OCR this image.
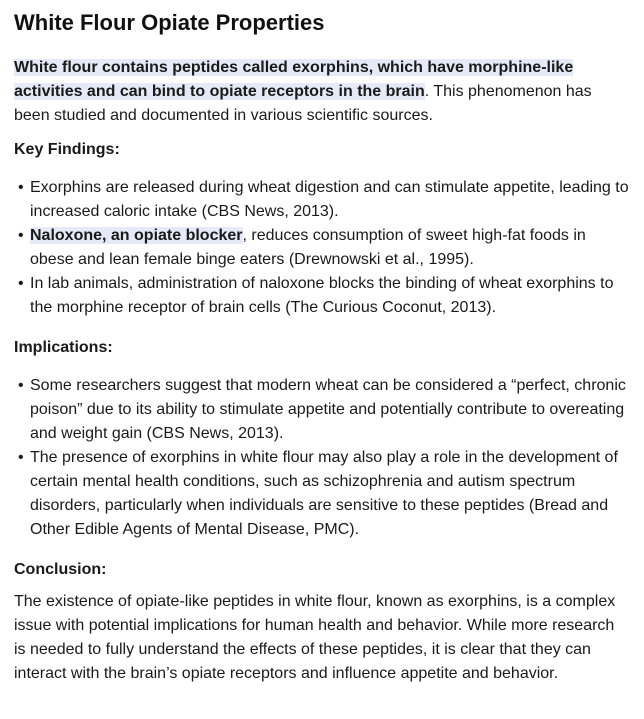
White Flour Opiate Properties

White flour contains peptides called exorphins, which have morphine-like activities and can bind to opiate receptors in the brain. This phenomenon has been studied and documented in various scientific sources.

Key Findings:

• Exorphins are released during wheat digestion and can stimulate appetite, leading to increased caloric intake (CBS News, 2013).
• Naloxone, an opiate blocker, reduces consumption of sweet high-fat foods in obese and lean female binge eaters (Drewnowski et al., 1995).
• In lab animals, administration of naloxone blocks the binding of wheat exorphins to the morphine receptor of brain cells (The Curious Coconut, 2013).

Implications:

• Some researchers suggest that modern wheat can be considered a “perfect, chronic poison” due to its ability to stimulate appetite and potentially contribute to overeating and weight gain (CBS News, 2013).
• The presence of exorphins in white flour may also play a role in the development of certain mental health conditions, such as schizophrenia and autism spectrum disorders, particularly when individuals are sensitive to these peptides (Bread and Other Edible Agents of Mental Disease, PMC).

Conclusion:

The existence of opiate-like peptides in white flour, known as exorphins, is a complex issue with potential implications for human health and behavior. While more research is needed to fully understand the effects of these peptides, it is clear that they can interact with the brain’s opiate receptors and influence appetite and behavior.
